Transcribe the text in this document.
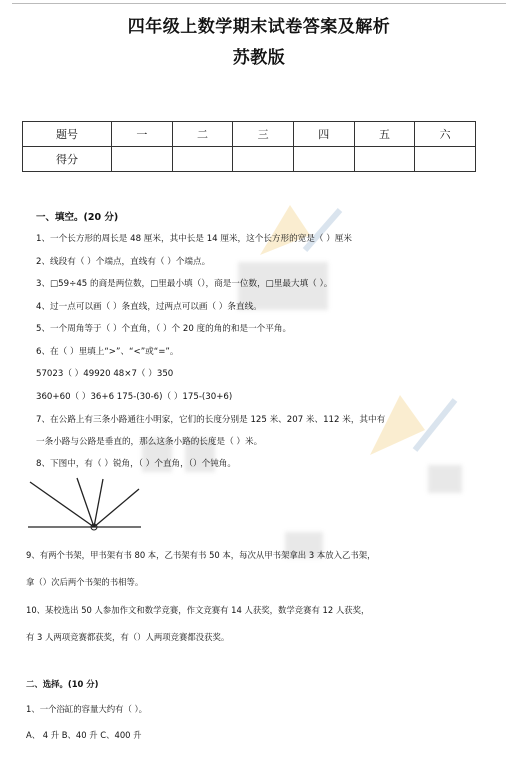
四年级上数学期末试卷答案及解析
苏教版
题号	一	二	三	四	五	六
得分						
一、填空。(20 分)
1、一个长方形的周长是 48 厘米，其中长是 14 厘米，这个长方形的宽是（ ）厘米
2、线段有（ ）个端点，直线有（ ）个端点。
3、□59÷45 的商是两位数，□里最小填（），商是一位数，□里最大填（ ）。
4、过一点可以画（ ）条直线，过两点可以画（ ）条直线。
5、一个周角等于（ ）个直角，（ ）个 20 度的角的和是一个平角。
6、在（ ）里填上“>”、“<”或“=”。
57023（ ）49920 48×7（ ）350
360+60（ ）36+6 175-(30-6)（ ）175-(30+6)
7、在公路上有三条小路通往小明家，它们的长度分别是 125 米、207 米、112 米，其中有
一条小路与公路是垂直的，那么这条小路的长度是（ ）米。
8、下图中，有（ ）锐角，（ ）个直角，（）个钝角。
9、有两个书架，甲书架有书 80 本，乙书架有书 50 本，每次从甲书架拿出 3 本放入乙书架，
拿（）次后两个书架的书相等。
10、某校选出 50 人参加作文和数学竞赛，作文竞赛有 14 人获奖，数学竞赛有 12 人获奖，
有 3 人两项竞赛都获奖，有（）人两项竞赛都没获奖。
二、选择。(10 分)
1、一个浴缸的容量大约有（ ）。
A、 4 升 B、40 升 C、400 升
